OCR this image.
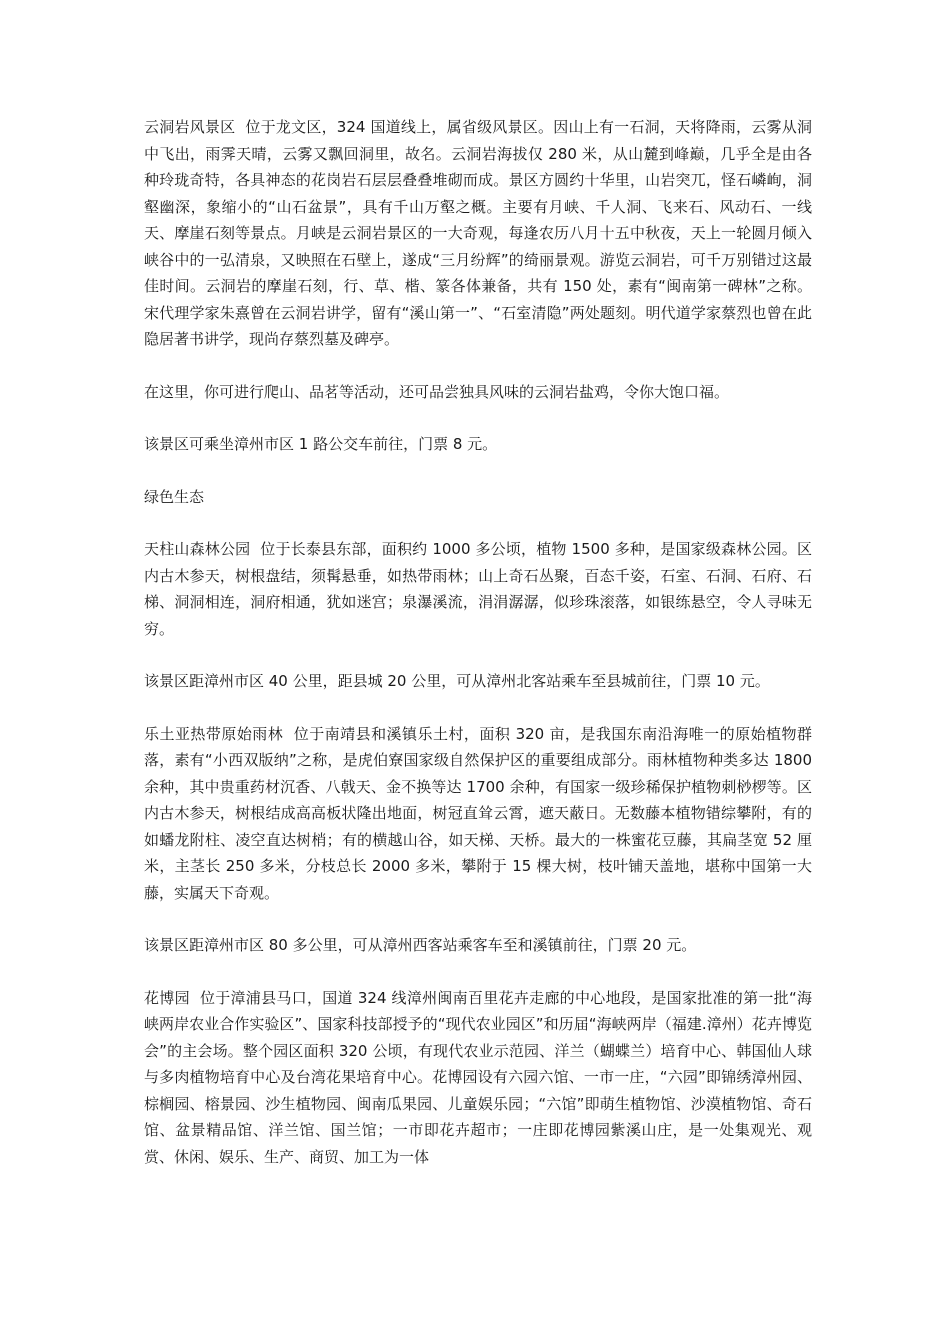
云洞岩风景区  位于龙文区，324 国道线上，属省级风景区。因山上有一石洞，天将降雨，云雾从洞中飞出，雨霁天晴，云雾又飘回洞里，故名。云洞岩海拔仅 280 米，从山麓到峰巅，几乎全是由各种玲珑奇特，各具神态的花岗岩石层层叠叠堆砌而成。景区方圆约十华里，山岩突兀，怪石嶙峋，洞壑幽深，象缩小的“山石盆景”，具有千山万壑之概。主要有月峡、千人洞、飞来石、风动石、一线天、摩崖石刻等景点。月峡是云洞岩景区的一大奇观，每逢农历八月十五中秋夜，天上一轮圆月倾入峡谷中的一弘清泉，又映照在石壁上，遂成“三月纷辉”的绮丽景观。游览云洞岩，可千万别错过这最佳时间。云洞岩的摩崖石刻，行、草、楷、篆各体兼备，共有 150 处，素有“闽南第一碑林”之称。宋代理学家朱熹曾在云洞岩讲学，留有“溪山第一”、“石室清隐”两处题刻。明代道学家蔡烈也曾在此隐居著书讲学，现尚存蔡烈墓及碑亭。

在这里，你可进行爬山、品茗等活动，还可品尝独具风味的云洞岩盐鸡，令你大饱口福。

该景区可乘坐漳州市区 1 路公交车前往，门票 8 元。

绿色生态

天柱山森林公园  位于长泰县东部，面积约 1000 多公顷，植物 1500 多种，是国家级森林公园。区内古木参天，树根盘结，须髯悬垂，如热带雨林；山上奇石丛聚，百态千姿，石室、石洞、石府、石梯、洞洞相连，洞府相通，犹如迷宫；泉瀑溪流，涓涓潺潺，似珍珠滚落，如银练悬空，令人寻味无穷。

该景区距漳州市区 40 公里，距县城 20 公里，可从漳州北客站乘车至县城前往，门票 10 元。

乐土亚热带原始雨林  位于南靖县和溪镇乐土村，面积 320 亩，是我国东南沿海唯一的原始植物群落，素有“小西双版纳”之称，是虎伯寮国家级自然保护区的重要组成部分。雨林植物种类多达 1800 余种，其中贵重药材沉香、八戟天、金不换等达 1700 余种，有国家一级珍稀保护植物刺桫椤等。区内古木参天，树根结成高高板状隆出地面，树冠直耸云霄，遮天蔽日。无数藤本植物错综攀附，有的如蟠龙附柱、凌空直达树梢；有的横越山谷，如天梯、天桥。最大的一株蜜花豆藤，其扁茎宽 52 厘米，主茎长 250 多米，分枝总长 2000 多米，攀附于 15 棵大树，枝叶铺天盖地，堪称中国第一大藤，实属天下奇观。

该景区距漳州市区 80 多公里，可从漳州西客站乘客车至和溪镇前往，门票 20 元。

花博园  位于漳浦县马口，国道 324 线漳州闽南百里花卉走廊的中心地段，是国家批准的第一批“海峡两岸农业合作实验区”、国家科技部授予的“现代农业园区”和历届“海峡两岸（福建.漳州）花卉博览会”的主会场。整个园区面积 320 公顷，有现代农业示范园、洋兰（蝴蝶兰）培育中心、韩国仙人球与多肉植物培育中心及台湾花果培育中心。花博园设有六园六馆、一市一庄，“六园”即锦绣漳州园、棕榈园、榕景园、沙生植物园、闽南瓜果园、儿童娱乐园；“六馆”即萌生植物馆、沙漠植物馆、奇石馆、盆景精品馆、洋兰馆、国兰馆；一市即花卉超市；一庄即花博园紫溪山庄，是一处集观光、观赏、休闲、娱乐、生产、商贸、加工为一体
